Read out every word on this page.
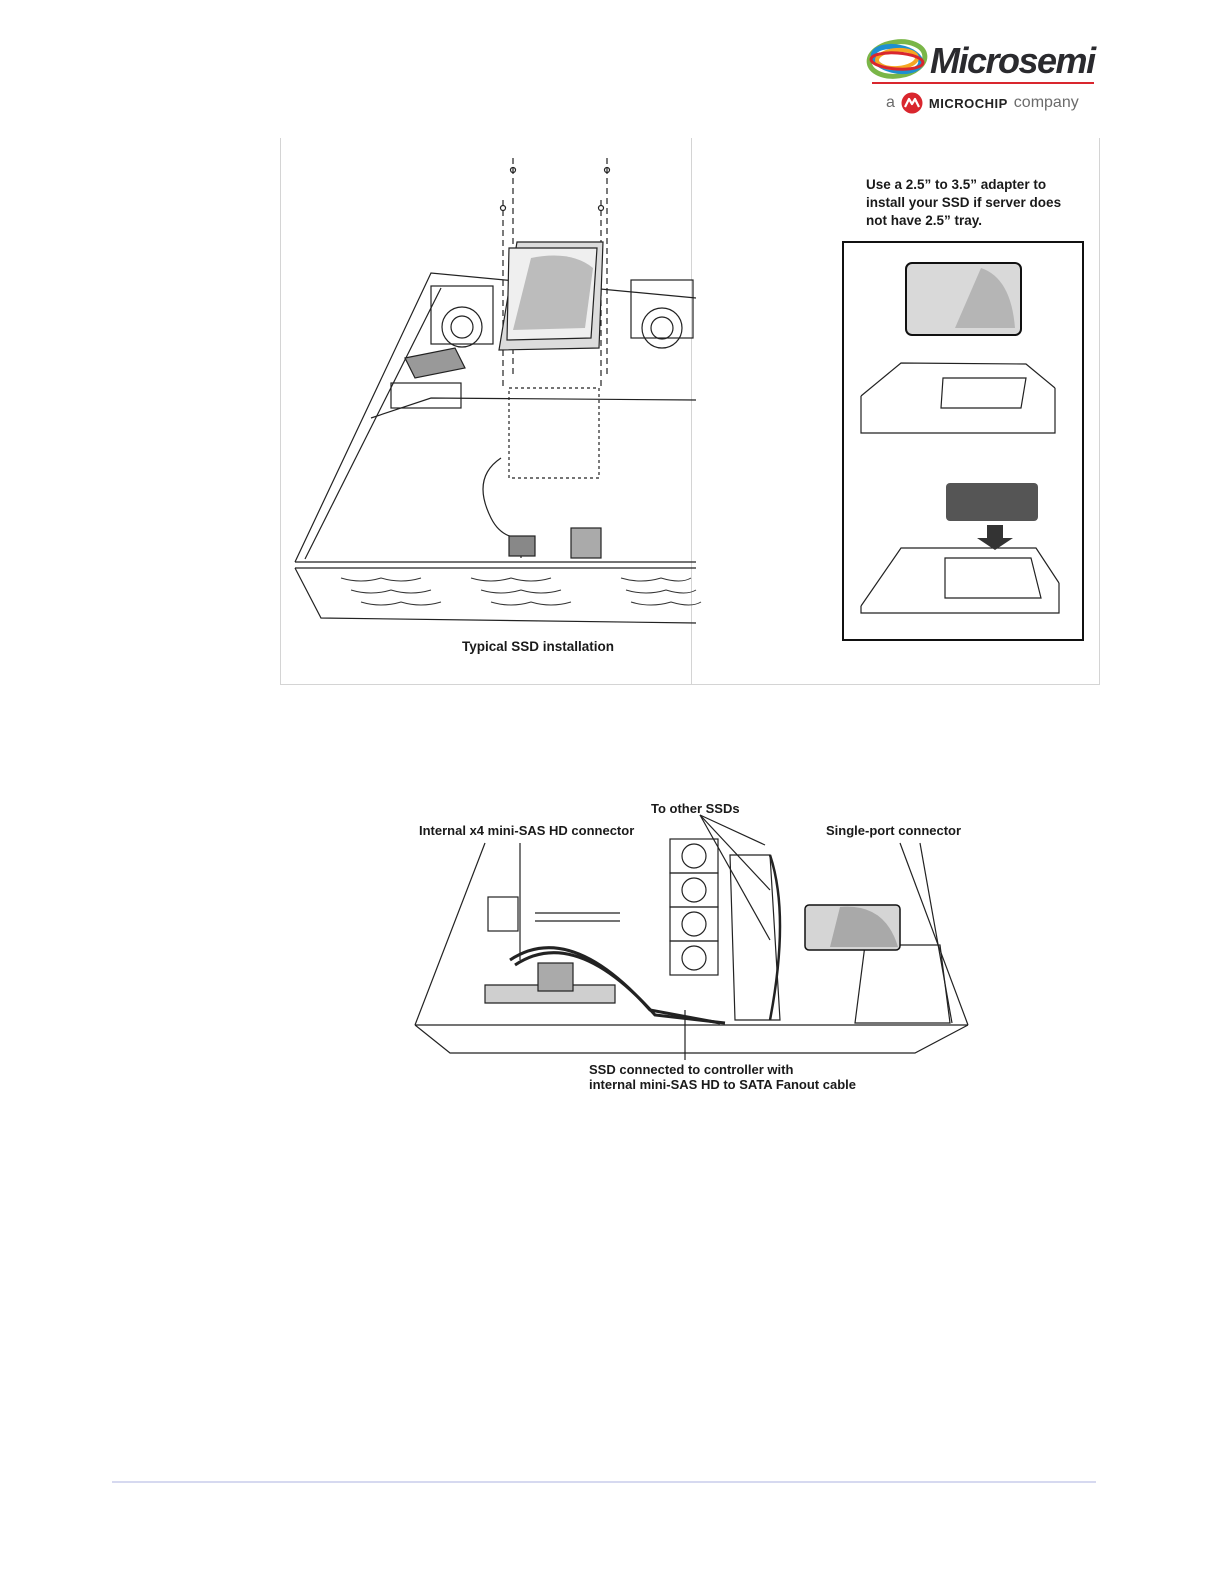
Microsemi
a	MICROCHIP company
Typical SSD installation
Use a 2.5” to 3.5” adapter to
install your SSD if server does
not have 2.5” tray.
Internal x4 mini-SAS HD connector
To other SSDs
Single-port connector
SSD connected to controller with
internal mini-SAS HD to SATA Fanout cable
